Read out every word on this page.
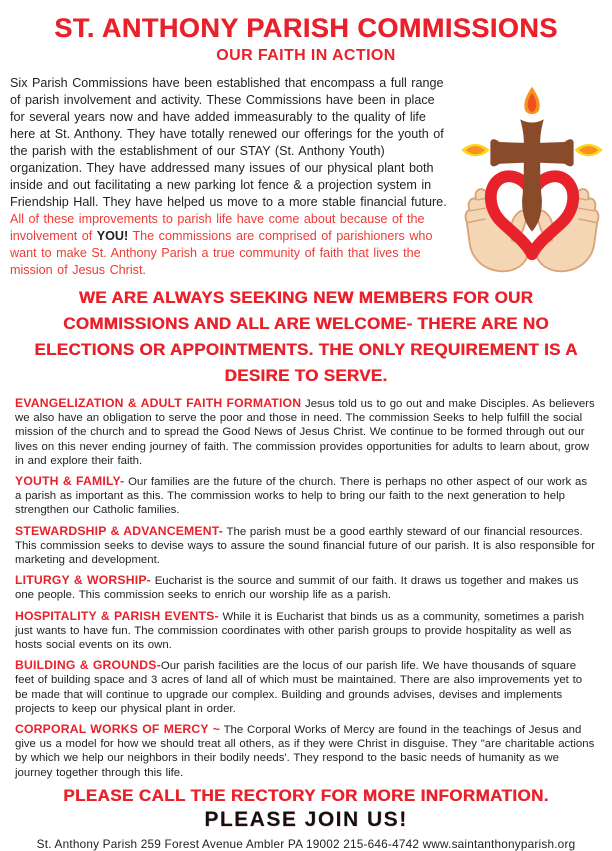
ST. ANTHONY PARISH COMMISSIONS
OUR FAITH IN ACTION

Six Parish Commissions have been established that encompass a full range of parish involvement and activity. These Commissions have been in place for several years now and have added immeasurably to the quality of life here at St. Anthony. They have totally renewed our offerings for the youth of the parish with the establishment of our STAY (St. Anthony Youth) organization. They have addressed many issues of our physical plant both inside and out facilitating a new parking lot fence & a projection system in Friendship Hall. They have helped us move to a more stable financial future. All of these improvements to parish life have come about because of the involvement of YOU! The commissions are comprised of parishioners who want to make St. Anthony Parish a true community of faith that lives the mission of Jesus Christ.

WE ARE ALWAYS SEEKING NEW MEMBERS FOR OUR COMMISSIONS AND ALL ARE WELCOME- THERE ARE NO ELECTIONS OR APPOINTMENTS. THE ONLY REQUIREMENT IS A DESIRE TO SERVE.

EVANGELIZATION & ADULT FAITH FORMATION Jesus told us to go out and make Disciples. As believers we also have an obligation to serve the poor and those in need. The commission Seeks to help fulfill the social mission of the church and to spread the Good News of Jesus Christ. We continue to be formed through out our lives on this never ending journey of faith. The commission provides opportunities for adults to learn about, grow in and explore their faith.

YOUTH & FAMILY- Our families are the future of the church. There is perhaps no other aspect of our work as a parish as important as this. The commission works to help to bring our faith to the next generation to help strengthen our Catholic families.

STEWARDSHIP & ADVANCEMENT- The parish must be a good earthly steward of our financial resources. This commission seeks to devise ways to assure the sound financial future of our parish. It is also responsible for marketing and development.

LITURGY & WORSHIP- Eucharist is the source and summit of our faith. It draws us together and makes us one people. This commission seeks to enrich our worship life as a parish.

HOSPITALITY & PARISH EVENTS- While it is Eucharist that binds us as a community, sometimes a parish just wants to have fun. The commission coordinates with other parish groups to provide hospitality as well as hosts social events on its own.

BUILDING & GROUNDS-Our parish facilities are the locus of our parish life. We have thousands of square feet of building space and 3 acres of land all of which must be maintained. There are also improvements yet to be made that will continue to upgrade our complex. Building and grounds advises, devises and implements projects to keep our physical plant in order.

CORPORAL WORKS OF MERCY ~ The Corporal Works of Mercy are found in the teachings of Jesus and give us a model for how we should treat all others, as if they were Christ in disguise. They "are charitable actions by which we help our neighbors in their bodily needs'. They respond to the basic needs of humanity as we journey together through this life.

PLEASE CALL THE RECTORY FOR MORE INFORMATION.
PLEASE JOIN US!
St. Anthony Parish 259 Forest Avenue Ambler PA 19002 215-646-4742 www.saintanthonyparish.org
